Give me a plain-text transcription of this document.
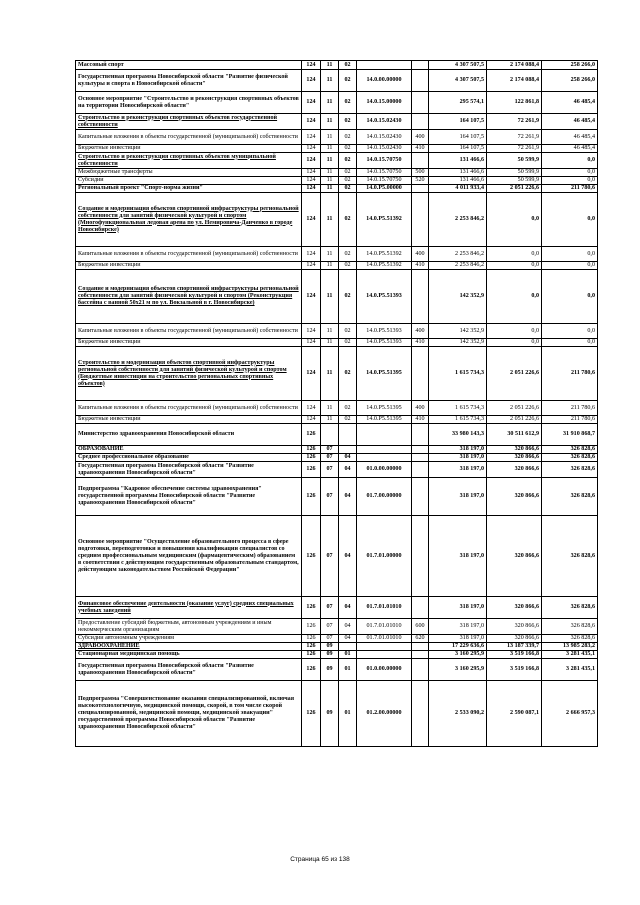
Массовый спорт	124	11	02			4 307 507,5	2 174 088,4	258 266,0
Государственная программа Новосибирской области "Развитие физической культуры и спорта в Новосибирской области"	124	11	02	14.0.00.00000		4 307 507,5	2 174 088,4	258 266,0
Основное мероприятие "Строительство и реконструкция спортивных объектов на территории Новосибирской области"	124	11	02	14.0.15.00000		295 574,1	122 861,8	46 485,4
Строительство и реконструкция спортивных объектов государственной собственности	124	11	02	14.0.15.02430		164 107,5	72 261,9	46 485,4
Капитальные вложения в объекты государственной (муниципальной) собственности	124	11	02	14.0.15.02430	400	164 107,5	72 261,9	46 485,4
Бюджетные инвестиции	124	11	02	14.0.15.02430	410	164 107,5	72 261,9	46 485,4
Строительство и реконструкция спортивных объектов муниципальной собственности	124	11	02	14.0.15.70750		131 466,6	50 599,9	0,0
Межбюджетные трансферты	124	11	02	14.0.15.70750	500	131 466,6	50 599,9	0,0
Субсидии	124	11	02	14.0.15.70750	520	131 466,6	50 599,9	0,0
Региональный проект "Спорт-норма жизни"	124	11	02	14.0.P5.00000		4 011 933,4	2 051 226,6	211 780,6
Создание и модернизация объектов спортивной инфраструктуры региональной собственности для занятий физической культурой и спортом (Многофункциональная ледовая арена по ул. Немировича-Данченко в городе Новосибирске)	124	11	02	14.0.P5.51392		2 253 846,2	0,0	0,0
Капитальные вложения в объекты государственной (муниципальной) собственности	124	11	02	14.0.P5.51392	400	2 253 846,2	0,0	0,0
Бюджетные инвестиции	124	11	02	14.0.P5.51392	410	2 253 846,2	0,0	0,0
Создание и модернизация объектов спортивной инфраструктуры региональной собственности для занятий физической культурой и спортом (Реконструкция бассейна с ванной 50х21 м по ул. Вокзальной в г. Новосибирске)	124	11	02	14.0.P5.51393		142 352,9	0,0	0,0
Капитальные вложения в объекты государственной (муниципальной) собственности	124	11	02	14.0.P5.51393	400	142 352,9	0,0	0,0
Бюджетные инвестиции	124	11	02	14.0.P5.51393	410	142 352,9	0,0	0,0
Строительство и модернизация объектов спортивной инфраструктуры региональной собственности для занятий физической культурой и спортом (Бюджетные инвестиции на строительство региональных спортивных объектов)	124	11	02	14.0.P5.51395		1 615 734,3	2 051 226,6	211 780,6
Капитальные вложения в объекты государственной (муниципальной) собственности	124	11	02	14.0.P5.51395	400	1 615 734,3	2 051 226,6	211 780,6
Бюджетные инвестиции	124	11	02	14.0.P5.51395	410	1 615 734,3	2 051 226,6	211 780,6
Министерство здравоохранения Новосибирской области	126					33 980 143,3	30 511 612,9	31 910 868,7
ОБРАЗОВАНИЕ	126	07				318 197,0	320 866,6	326 828,6
Среднее профессиональное образование	126	07	04			318 197,0	320 866,6	326 828,6
Государственная программа Новосибирской области "Развитие здравоохранения Новосибирской области"	126	07	04	01.0.00.00000		318 197,0	320 866,6	326 828,6
Подпрограмма "Кадровое обеспечение системы здравоохранения" государственной программы Новосибирской области "Развитие здравоохранения Новосибирской области"	126	07	04	01.7.00.00000		318 197,0	320 866,6	326 828,6
Основное мероприятие "Осуществление образовательного процесса в сфере подготовки, переподготовки и повышения квалификации специалистов со средним профессиональным медицинским (фармацевтическим) образованием в соответствии с действующим государственным образовательным стандартом, действующим законодательством Российской Федерации"	126	07	04	01.7.01.00000		318 197,0	320 866,6	326 828,6
Финансовое обеспечение деятельности (оказание услуг) средних специальных учебных заведений	126	07	04	01.7.01.01010		318 197,0	320 866,6	326 828,6
Предоставление субсидий бюджетным, автономным учреждениям и иным некоммерческим организациям	126	07	04	01.7.01.01010	600	318 197,0	320 866,6	326 828,6
Субсидии автономным учреждениям	126	07	04	01.7.01.01010	620	318 197,0	320 866,6	326 828,6
ЗДРАВООХРАНЕНИЕ	126	09				17 229 636,6	13 187 339,7	13 985 283,2
Стационарная медицинская помощь	126	09	01			3 160 295,9	3 519 166,8	3 281 435,1
Государственная программа Новосибирской области "Развитие здравоохранения Новосибирской области"	126	09	01	01.0.00.00000		3 160 295,9	3 519 166,8	3 281 435,1
Подпрограмма "Совершенствование оказания специализированной, включая высокотехнологичную, медицинской помощи, скорой, в том числе скорой специализированной, медицинской помощи, медицинской эвакуации" государственной программы Новосибирской области "Развитие здравоохранения Новосибирской области"	126	09	01	01.2.00.00000		2 533 090,2	2 590 087,1	2 666 957,3
Страница 65 из 138
